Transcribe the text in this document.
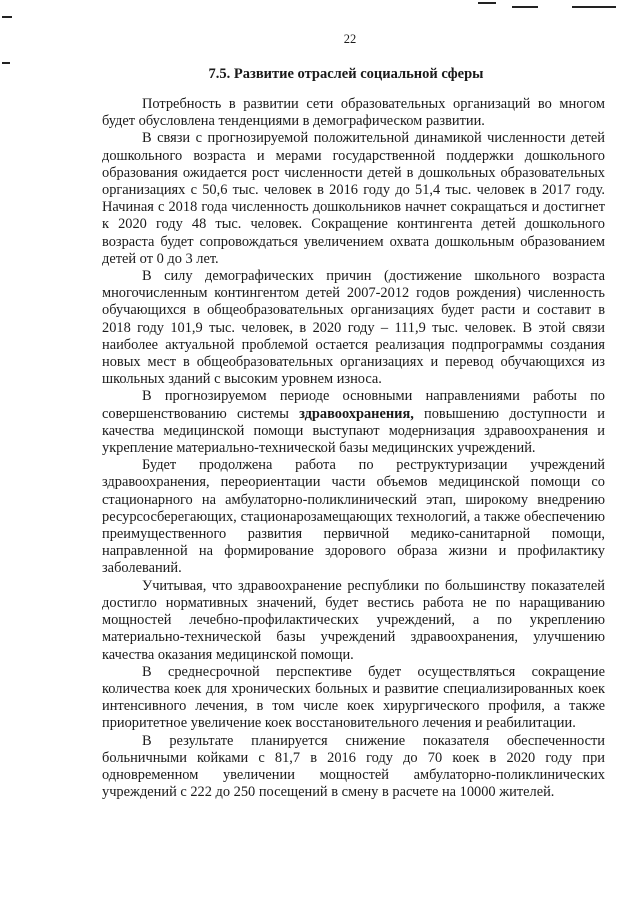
22
7.5. Развитие отраслей социальной сферы

Потребность в развитии сети образовательных организаций во многом будет обусловлена тенденциями в демографическом развитии.

В связи с прогнозируемой положительной динамикой численности детей дошкольного возраста и мерами государственной поддержки дошкольного образования ожидается рост численности детей в дошкольных образовательных организациях с 50,6 тыс. человек в 2016 году до 51,4 тыс. человек в 2017 году. Начиная с 2018 года численность дошкольников начнет сокращаться и достигнет к 2020 году 48 тыс. человек. Сокращение контингента детей дошкольного возраста будет сопровождаться увеличением охвата дошкольным образованием детей от 0 до 3 лет.

В силу демографических причин (достижение школьного возраста многочисленным контингентом детей 2007-2012 годов рождения) численность обучающихся в общеобразовательных организациях будет расти и составит в 2018 году 101,9 тыс. человек, в 2020 году – 111,9 тыс. человек. В этой связи наиболее актуальной проблемой остается реализация подпрограммы создания новых мест в общеобразовательных организациях и перевод обучающихся из школьных зданий с высоким уровнем износа.

В прогнозируемом периоде основными направлениями работы по совершенствованию системы здравоохранения, повышению доступности и качества медицинской помощи выступают модернизация здравоохранения и укрепление материально-технической базы медицинских учреждений.

Будет продолжена работа по реструктуризации учреждений здравоохранения, переориентации части объемов медицинской помощи со стационарного на амбулаторно-поликлинический этап, широкому внедрению ресурсосберегающих, стационарозамещающих технологий, а также обеспечению преимущественного развития первичной медико-санитарной помощи, направленной на формирование здорового образа жизни и профилактику заболеваний.

Учитывая, что здравоохранение республики по большинству показателей достигло нормативных значений, будет вестись работа не по наращиванию мощностей лечебно-профилактических учреждений, а по укреплению материально-технической базы учреждений здравоохранения, улучшению качества оказания медицинской помощи.

В среднесрочной перспективе будет осуществляться сокращение количества коек для хронических больных и развитие специализированных коек интенсивного лечения, в том числе коек хирургического профиля, а также приоритетное увеличение коек восстановительного лечения и реабилитации.

В результате планируется снижение показателя обеспеченности больничными койками с 81,7 в 2016 году до 70 коек в 2020 году при одновременном увеличении мощностей амбулаторно-поликлинических учреждений с 222 до 250 посещений в смену в расчете на 10000 жителей.
